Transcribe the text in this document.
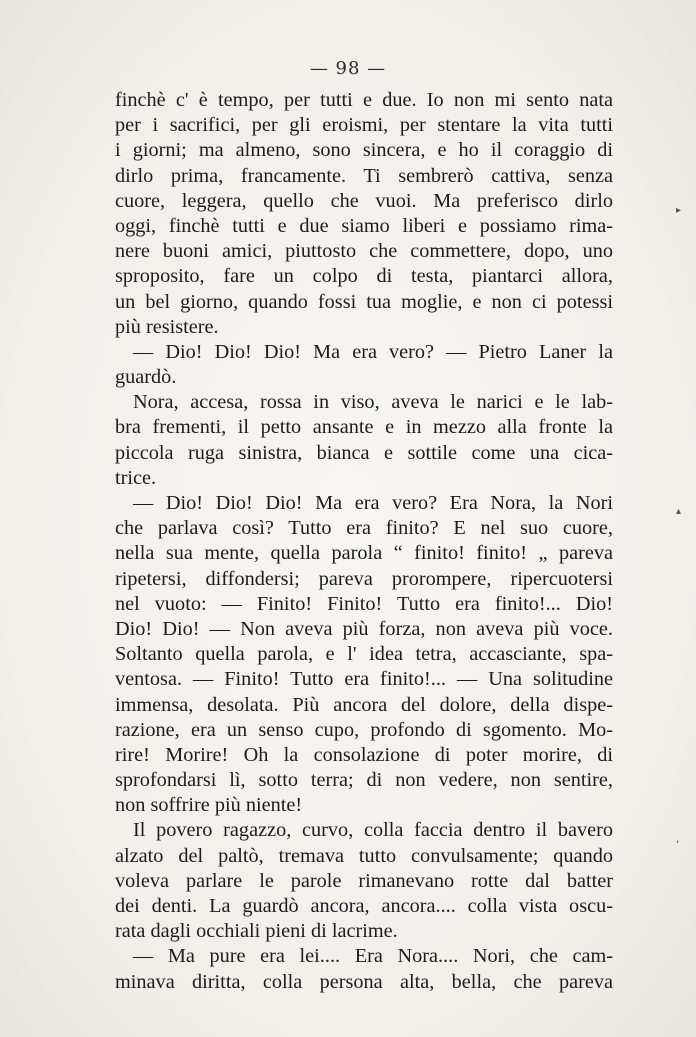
— 98 —
finchè c' è tempo, per tutti e due. Io non mi sento nata
per i sacrifici, per gli eroismi, per stentare la vita tutti
i giorni; ma almeno, sono sincera, e ho il coraggio di
dirlo prima, francamente. Ti sembrerò cattiva, senza
cuore, leggera, quello che vuoi. Ma preferisco dirlo
oggi, finchè tutti e due siamo liberi e possiamo rima-
nere buoni amici, piuttosto che commettere, dopo, uno
sproposito, fare un colpo di testa, piantarci allora,
un bel giorno, quando fossi tua moglie, e non ci potessi
più resistere.
— Dio! Dio! Dio! Ma era vero? — Pietro Laner la
guardò.
Nora, accesa, rossa in viso, aveva le narici e le lab-
bra frementi, il petto ansante e in mezzo alla fronte la
piccola ruga sinistra, bianca e sottile come una cica-
trice.
— Dio! Dio! Dio! Ma era vero? Era Nora, la Nori
che parlava così? Tutto era finito? E nel suo cuore,
nella sua mente, quella parola “ finito! finito! „ pareva
ripetersi, diffondersi; pareva prorompere, ripercuotersi
nel vuoto: — Finito! Finito! Tutto era finito!... Dio!
Dio! Dio! — Non aveva più forza, non aveva più voce.
Soltanto quella parola, e l' idea tetra, accasciante, spa-
ventosa. — Finito! Tutto era finito!... — Una solitudine
immensa, desolata. Più ancora del dolore, della dispe-
razione, era un senso cupo, profondo di sgomento. Mo-
rire! Morire! Oh la consolazione di poter morire, di
sprofondarsi lì, sotto terra; di non vedere, non sentire,
non soffrire più niente!
Il povero ragazzo, curvo, colla faccia dentro il bavero
alzato del paltò, tremava tutto convulsamente; quando
voleva parlare le parole rimanevano rotte dal batter
dei denti. La guardò ancora, ancora.... colla vista oscu-
rata dagli occhiali pieni di lacrime.
— Ma pure era lei.... Era Nora.... Nori, che cam-
minava diritta, colla persona alta, bella, che pareva
▸
▴
ʼ
